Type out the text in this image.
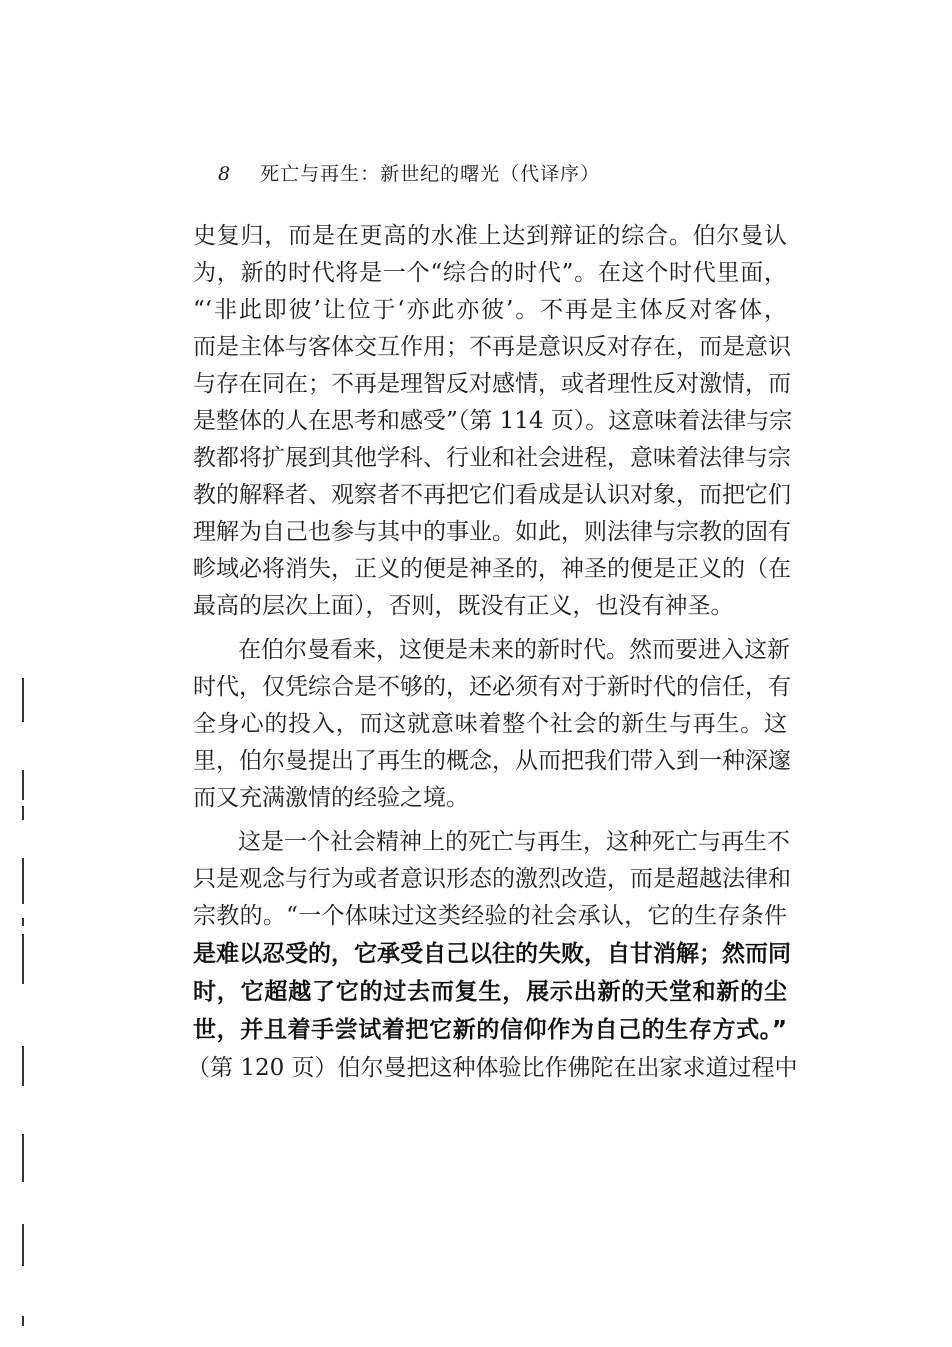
8 死亡与再生：新世纪的曙光（代译序）
史复归，而是在更高的水准上达到辩证的综合。伯尔曼认
为，新的时代将是一个“综合的时代”。在这个时代里面，
“‘非此即彼’让位于‘亦此亦彼’。不再是主体反对客体，
而是主体与客体交互作用；不再是意识反对存在，而是意识
与存在同在；不再是理智反对感情，或者理性反对激情，而
是整体的人在思考和感受”（第 114 页）。这意味着法律与宗
教都将扩展到其他学科、行业和社会进程，意味着法律与宗
教的解释者、观察者不再把它们看成是认识对象，而把它们
理解为自己也参与其中的事业。如此，则法律与宗教的固有
畛域必将消失，正义的便是神圣的，神圣的便是正义的（在
最高的层次上面），否则，既没有正义，也没有神圣。
在伯尔曼看来，这便是未来的新时代。然而要进入这新
时代，仅凭综合是不够的，还必须有对于新时代的信任，有
全身心的投入，而这就意味着整个社会的新生与再生。这
里，伯尔曼提出了再生的概念，从而把我们带入到一种深邃
而又充满激情的经验之境。
这是一个社会精神上的死亡与再生，这种死亡与再生不
只是观念与行为或者意识形态的激烈改造，而是超越法律和
宗教的。“一个体味过这类经验的社会承认，它的生存条件
是难以忍受的，它承受自己以往的失败，自甘消解；然而同
时，它超越了它的过去而复生，展示出新的天堂和新的尘
世，并且着手尝试着把它新的信仰作为自己的生存方式。”
（第 120 页）伯尔曼把这种体验比作佛陀在出家求道过程中
